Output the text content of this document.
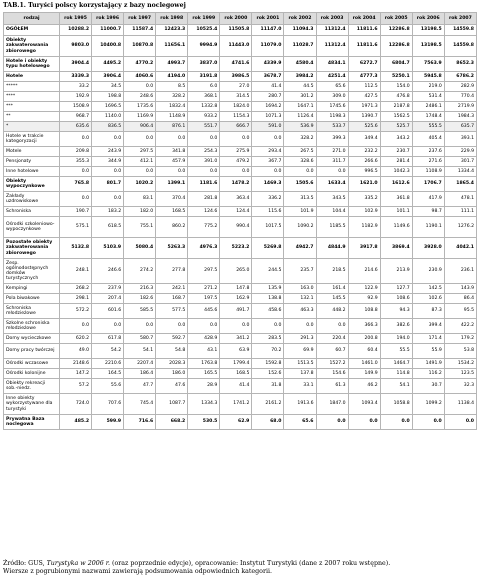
TAB.1. Turyści polscy korzystający z bazy noclegowej
rodzaj	rok 1995	rok 1996	rok 1997	rok 1998	rok 1999	rok 2000	rok 2001	rok 2002	rok 2003	rok 2004	rok 2005	rok 2006	rok 2007
OGÓŁEM	10288.2	11000.7	11587.4	12423.3	10525.4	11505.8	11147.0	11094.3	11312.4	11811.6	12286.8	13198.5	14559.8
Obiekty zakwaterowania zbiorowego	9803.0	10400.8	10870.8	11656.1	9994.9	11443.0	11079.0	11028.7	11312.4	11811.6	12286.8	13198.5	14559.8
Hotele i obiekty typu hotelowego	3904.4	4495.2	4770.2	4993.7	3837.0	4741.6	4339.9	4580.4	4834.1	6272.7	6804.7	7563.9	8652.3
Hotele	3339.3	3906.4	4060.6	4194.0	3191.8	3986.5	3678.7	3984.2	4251.4	4777.3	5250.1	5945.8	6786.2
*****	33.2	34.5	0.0	8.5	6.0	27.0	41.4	44.5	65.6	112.5	154.0	219.0	282.9
****	192.9	198.8	248.6	328.2	368.1	314.5	280.7	301.2	309.0	427.5	476.8	531.4	770.4
***	1508.9	1696.5	1735.6	1832.4	1332.8	1824.0	1694.2	1647.1	1745.6	1971.3	2187.8	2486.1	2719.9
**	968.7	1140.0	1169.9	1148.9	933.2	1154.3	1071.3	1126.4	1198.3	1390.7	1562.5	1748.4	1984.3
*	635.6	836.5	906.4	876.1	551.7	666.7	591.0	536.9	533.7	525.6	525.7	555.5	635.7
Hotele w trakcie kategoryzacji	0.0	0.0	0.0	0.0	0.0	0.0	0.0	328.2	399.3	349.4	343.2	405.4	393.1
Motele	209.8	243.9	297.5	341.8	254.3	275.9	293.4	267.5	271.0	232.2	230.7	237.6	229.9
Pensjonaty	355.3	344.9	412.1	457.9	391.0	479.2	367.7	328.6	311.7	266.6	281.4	271.6	301.7
Inne hotelowe	0.0	0.0	0.0	0.0	0.0	0.0	0.0	0.0	0.0	996.5	1042.3	1108.9	1334.4
Obiekty wypoczynkowe	765.8	801.7	1020.2	1399.1	1181.6	1478.2	1469.3	1505.6	1633.4	1621.0	1612.6	1706.7	1865.4
Zakłady uzdrowiskowe	0.0	0.0	83.1	370.4	281.8	363.4	336.2	313.5	343.5	335.2	361.8	417.9	478.1
Schroniska	190.7	183.2	182.0	168.5	124.6	124.4	115.6	101.9	104.4	102.9	101.1	98.7	111.1
Ośrodki szkoleniowo-wypoczynkowe	575.1	618.5	755.1	860.2	775.2	990.4	1017.5	1090.2	1185.5	1182.9	1149.6	1190.1	1276.2
Pozostałe obiekty zakwaterowania zbiorowego	5132.8	5103.9	5080.4	5263.3	4976.3	5223.2	5269.8	4942.7	4844.9	3917.8	3869.4	3928.0	4042.1
Zesp. ogólnodostępnych domków turystycznych	248.1	246.6	274.2	277.8	297.5	265.0	244.5	235.7	218.5	214.6	213.9	230.9	236.1
Kempingi	268.2	237.9	216.3	242.1	271.2	147.8	135.9	163.0	161.4	122.9	127.7	142.5	143.9
Pola biwakowe	298.1	207.4	182.6	168.7	197.5	162.9	138.8	132.1	145.5	92.9	108.6	102.6	86.4
Schroniska młodzieżowe	572.2	601.6	585.5	577.5	445.6	491.7	458.6	463.3	448.2	108.8	94.3	87.3	95.5
Szkolne schroniska młodzieżowe	0.0	0.0	0.0	0.0	0.0	0.0	0.0	0.0	0.0	366.3	382.6	399.4	422.2
Domy wycieczkowe	620.2	617.8	580.7	592.7	428.9	341.2	283.5	291.3	220.4	200.8	194.0	171.4	179.2
Domy pracy twórczej	49.0	54.2	54.1	54.8	43.1	63.9	70.2	69.9	60.7	60.4	55.5	55.9	53.8
Ośrodki wczasowe	2148.6	2210.6	2207.4	2028.3	1763.8	1799.4	1592.8	1513.5	1527.2	1461.0	1464.7	1491.9	1534.2
Ośrodki kolonijne	147.2	164.5	186.4	186.0	165.5	168.5	152.6	137.8	154.6	149.9	114.8	116.2	123.5
Obiekty rekreacji sob.-niedz.	57.2	55.6	47.7	47.6	28.9	41.4	31.8	33.1	61.3	46.2	54.1	30.7	32.3
Inne obiekty wykorzystywane dla turystyki	724.0	707.6	745.4	1087.7	1334.3	1741.2	2161.2	1913.6	1847.0	1093.4	1058.8	1099.2	1138.4
Prywatna Baza noclegowa	485.2	599.9	716.6	668.2	530.5	62.9	68.0	65.6	0.0	0.0	0.0	0.0	0.0
Źródło: GUS, Turystyka w 2006 r. (oraz poprzednie edycje), opracowanie: Instytut Turystyki (dane z 2007 roku wstępne).
Wiersze z pogrubionymi nazwami zawierają podsumowania odpowiednich kategorii.
